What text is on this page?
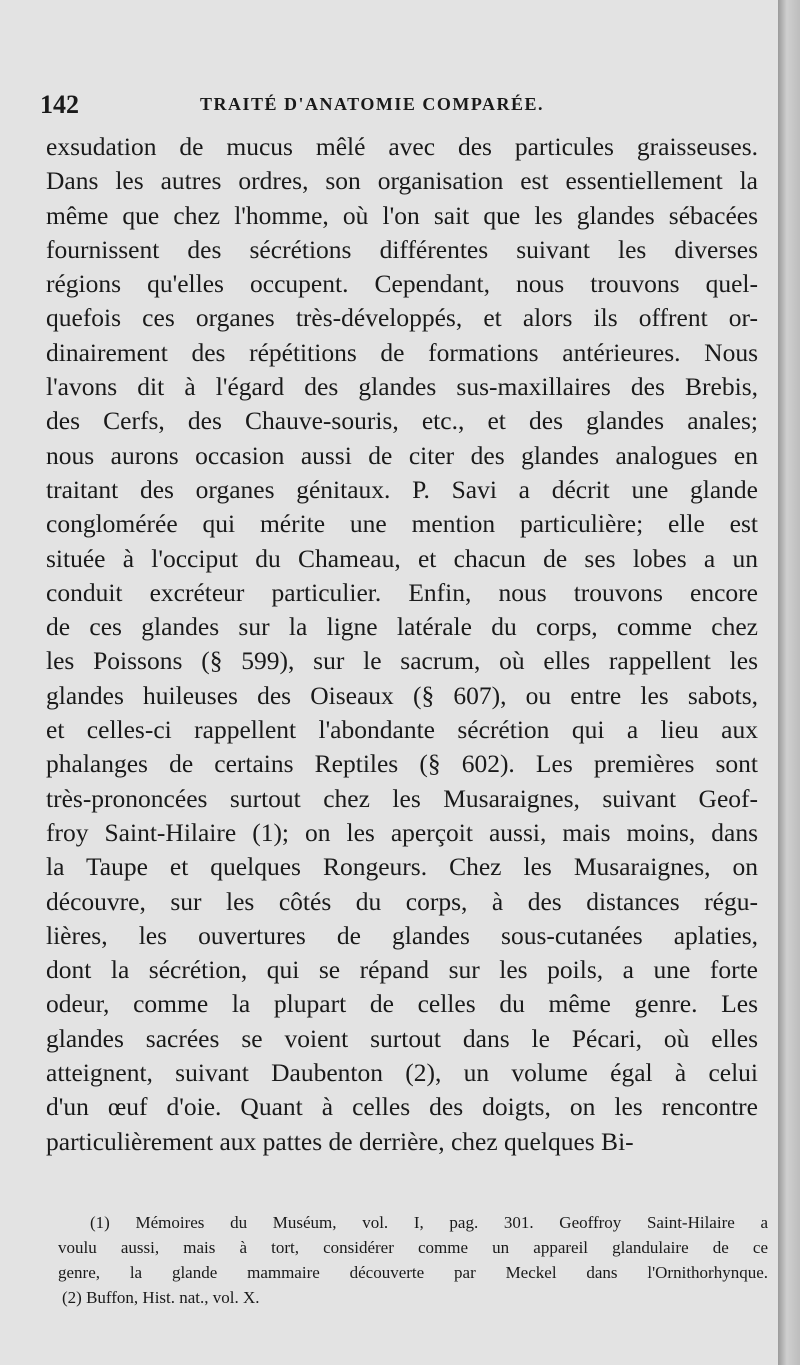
142	TRAITÉ D'ANATOMIE COMPARÉE.
exsudation de mucus mêlé avec des particules graisseuses.
Dans les autres ordres, son organisation est essentiellement la
même que chez l'homme, où l'on sait que les glandes sébacées
fournissent des sécrétions différentes suivant les diverses
régions qu'elles occupent. Cependant, nous trouvons quel-
quefois ces organes très-développés, et alors ils offrent or-
dinairement des répétitions de formations antérieures. Nous
l'avons dit à l'égard des glandes sus-maxillaires des Brebis,
des Cerfs, des Chauve-souris, etc., et des glandes anales;
nous aurons occasion aussi de citer des glandes analogues en
traitant des organes génitaux. P. Savi a décrit une glande
conglomérée qui mérite une mention particulière; elle est
située à l'occiput du Chameau, et chacun de ses lobes a un
conduit excréteur particulier. Enfin, nous trouvons encore
de ces glandes sur la ligne latérale du corps, comme chez
les Poissons (§ 599), sur le sacrum, où elles rappellent les
glandes huileuses des Oiseaux (§ 607), ou entre les sabots,
et celles-ci rappellent l'abondante sécrétion qui a lieu aux
phalanges de certains Reptiles (§ 602). Les premières sont
très-prononcées surtout chez les Musaraignes, suivant Geof-
froy Saint-Hilaire (1); on les aperçoit aussi, mais moins, dans
la Taupe et quelques Rongeurs. Chez les Musaraignes, on
découvre, sur les côtés du corps, à des distances régu-
lières, les ouvertures de glandes sous-cutanées aplaties,
dont la sécrétion, qui se répand sur les poils, a une forte
odeur, comme la plupart de celles du même genre. Les
glandes sacrées se voient surtout dans le Pécari, où elles
atteignent, suivant Daubenton (2), un volume égal à celui
d'un œuf d'oie. Quant à celles des doigts, on les rencontre
particulièrement aux pattes de derrière, chez quelques Bi-
(1) Mémoires du Muséum, vol. I, pag. 301. Geoffroy Saint-Hilaire a
voulu aussi, mais à tort, considérer comme un appareil glandulaire de ce
genre, la glande mammaire découverte par Meckel dans l'Ornithorhynque.
(2) Buffon, Hist. nat., vol. X.
